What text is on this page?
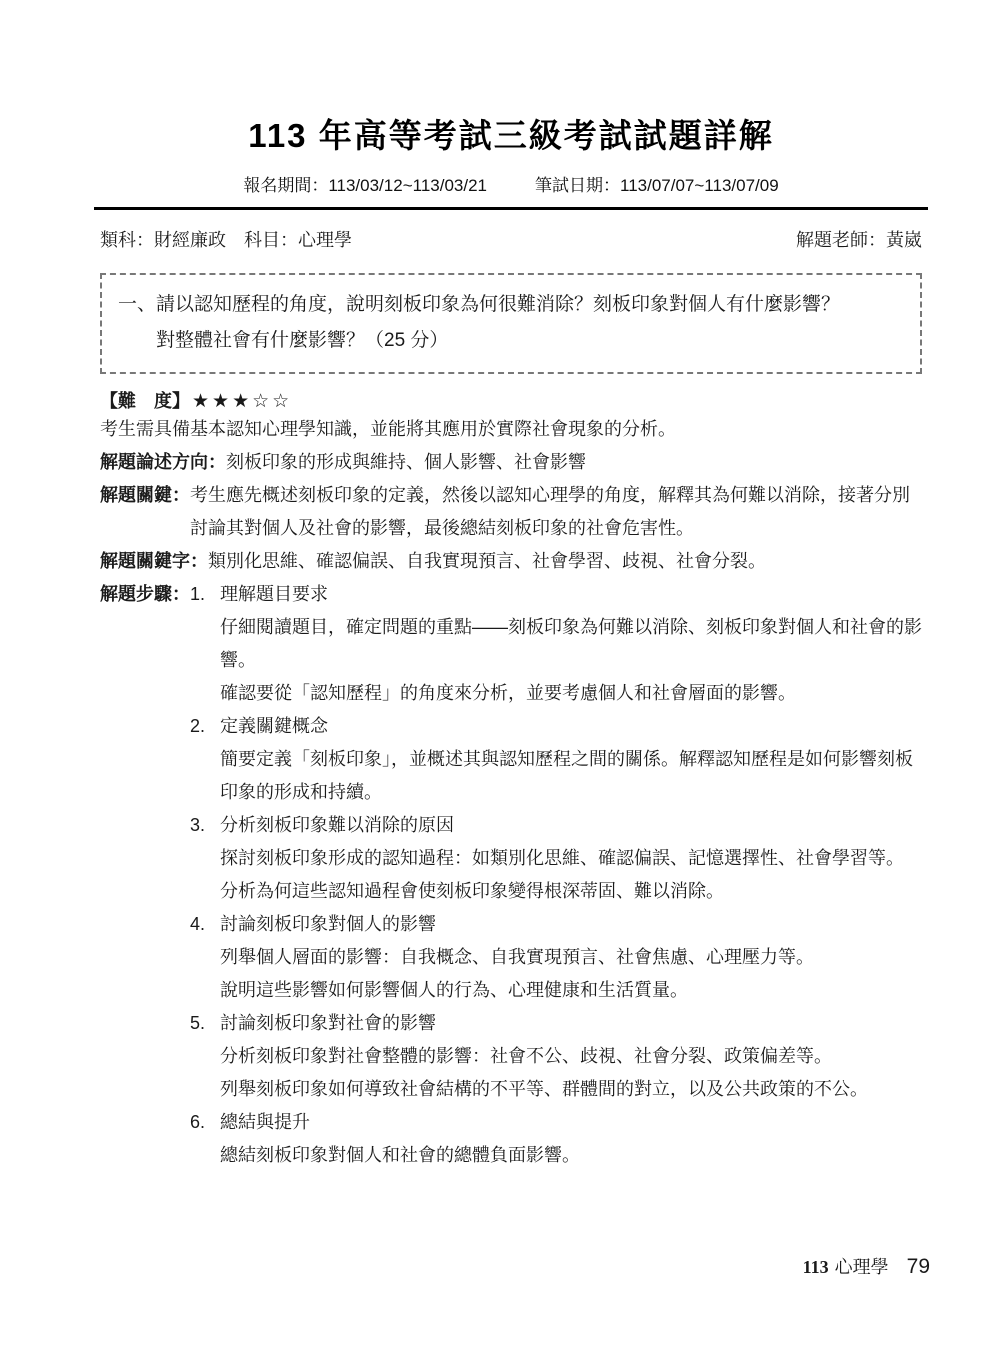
113 年高等考試三級考試試題詳解
報名期間：113/03/12~113/03/21	筆試日期：113/07/07~113/07/09
類科：財經廉政　科目：心理學	解題老師：黃崴
一、請以認知歷程的角度，說明刻板印象為何很難消除？刻板印象對個人有什麼影響？
對整體社會有什麼影響？（25 分）
【難　度】 ★★★☆☆
考生需具備基本認知心理學知識，並能將其應用於實際社會現象的分析。
解題論述方向： 刻板印象的形成與維持、個人影響、社會影響
解題關鍵： 考生應先概述刻板印象的定義，然後以認知心理學的角度，解釋其為何難以消除，接著分別討論其對個人及社會的影響，最後總結刻板印象的社會危害性。
解題關鍵字： 類別化思維、確認偏誤、自我實現預言、社會學習、歧視、社會分裂。
解題步驟： 1. 理解題目要求
仔細閱讀題目，確定問題的重點——刻板印象為何難以消除、刻板印象對個人和社會的影響。
確認要從「認知歷程」的角度來分析，並要考慮個人和社會層面的影響。
2. 定義關鍵概念
簡要定義「刻板印象」，並概述其與認知歷程之間的關係。解釋認知歷程是如何影響刻板印象的形成和持續。
3. 分析刻板印象難以消除的原因
探討刻板印象形成的認知過程：如類別化思維、確認偏誤、記憶選擇性、社會學習等。
分析為何這些認知過程會使刻板印象變得根深蒂固、難以消除。
4. 討論刻板印象對個人的影響
列舉個人層面的影響：自我概念、自我實現預言、社會焦慮、心理壓力等。
說明這些影響如何影響個人的行為、心理健康和生活質量。
5. 討論刻板印象對社會的影響
分析刻板印象對社會整體的影響：社會不公、歧視、社會分裂、政策偏差等。
列舉刻板印象如何導致社會結構的不平等、群體間的對立，以及公共政策的不公。
6. 總結與提升
總結刻板印象對個人和社會的總體負面影響。
113 心理學 79
